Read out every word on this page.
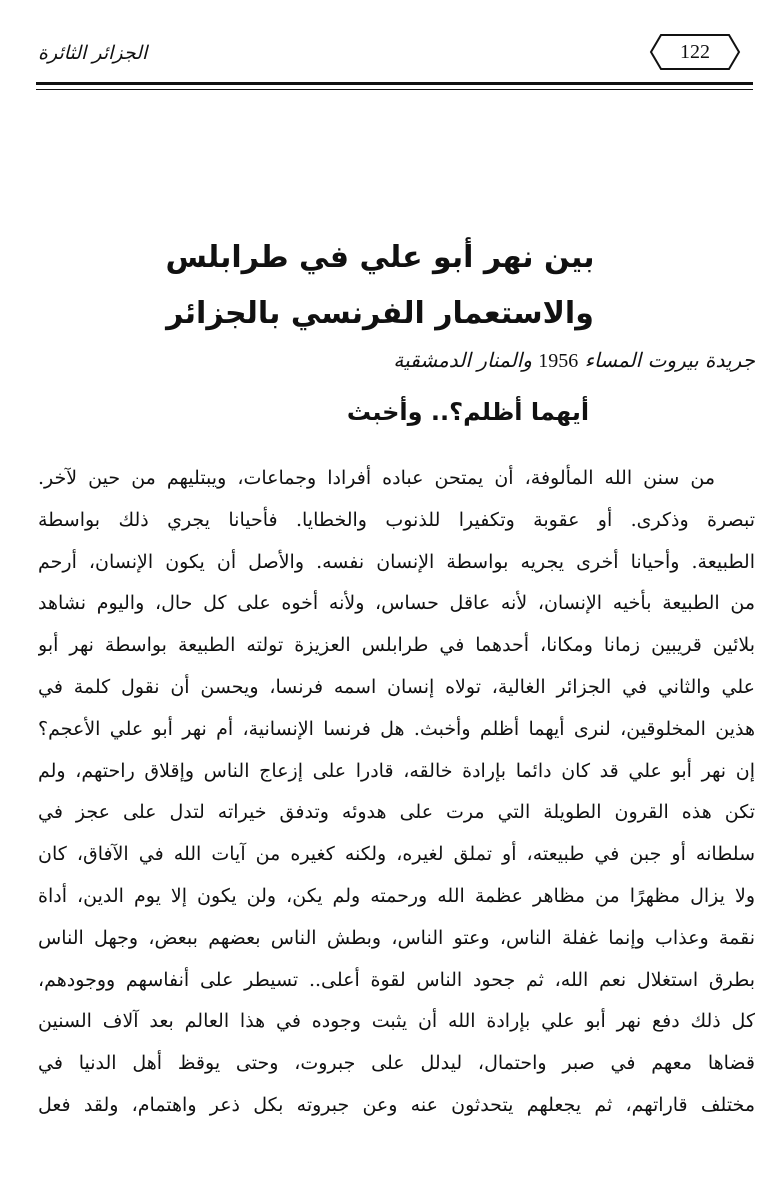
الجزائر الثائرة	122
بين نهر أبو علي في طرابلس
والاستعمار الفرنسي بالجزائر
جريدة بيروت المساء 1956 والمنار الدمشقية
أيهما أظلم؟.. وأخبث
من سنن الله المألوفة، أن يمتحن عباده أفرادا وجماعات، ويبتليهم من حين لآخر.
تبصرة وذكرى. أو عقوبة وتكفيرا للذنوب والخطايا. فأحيانا يجري ذلك بواسطة
الطبيعة. وأحيانا أخرى يجريه بواسطة الإنسان نفسه. والأصل أن يكون الإنسان، أرحم
من الطبيعة بأخيه الإنسان، لأنه عاقل حساس، ولأنه أخوه على كل حال، واليوم نشاهد
بلائين قريبين زمانا ومكانا، أحدهما في طرابلس العزيزة تولته الطبيعة بواسطة نهر أبو
علي والثاني في الجزائر الغالية، تولاه إنسان اسمه فرنسا، ويحسن أن نقول كلمة في
هذين المخلوقين، لنرى أيهما أظلم وأخبث. هل فرنسا الإنسانية، أم نهر أبو علي الأعجم؟
إن نهر أبو علي قد كان دائما بإرادة خالقه، قادرا على إزعاج الناس وإقلاق راحتهم، ولم
تكن هذه القرون الطويلة التي مرت على هدوئه وتدفق خيراته لتدل على عجز في
سلطانه أو جبن في طبيعته، أو تملق لغيره، ولكنه كغيره من آيات الله في الآفاق، كان
ولا يزال مظهرًا من مظاهر عظمة الله ورحمته ولم يكن، ولن يكون إلا يوم الدين، أداة
نقمة وعذاب وإنما غفلة الناس، وعتو الناس، وبطش الناس بعضهم ببعض، وجهل الناس
بطرق استغلال نعم الله، ثم جحود الناس لقوة أعلى.. تسيطر على أنفاسهم ووجودهم،
كل ذلك دفع نهر أبو علي بإرادة الله أن يثبت وجوده في هذا العالم بعد آلاف السنين
قضاها معهم في صبر واحتمال، ليدلل على جبروت، وحتى يوقظ أهل الدنيا في
مختلف قاراتهم، ثم يجعلهم يتحدثون عنه وعن جبروته بكل ذعر واهتمام، ولقد فعل
